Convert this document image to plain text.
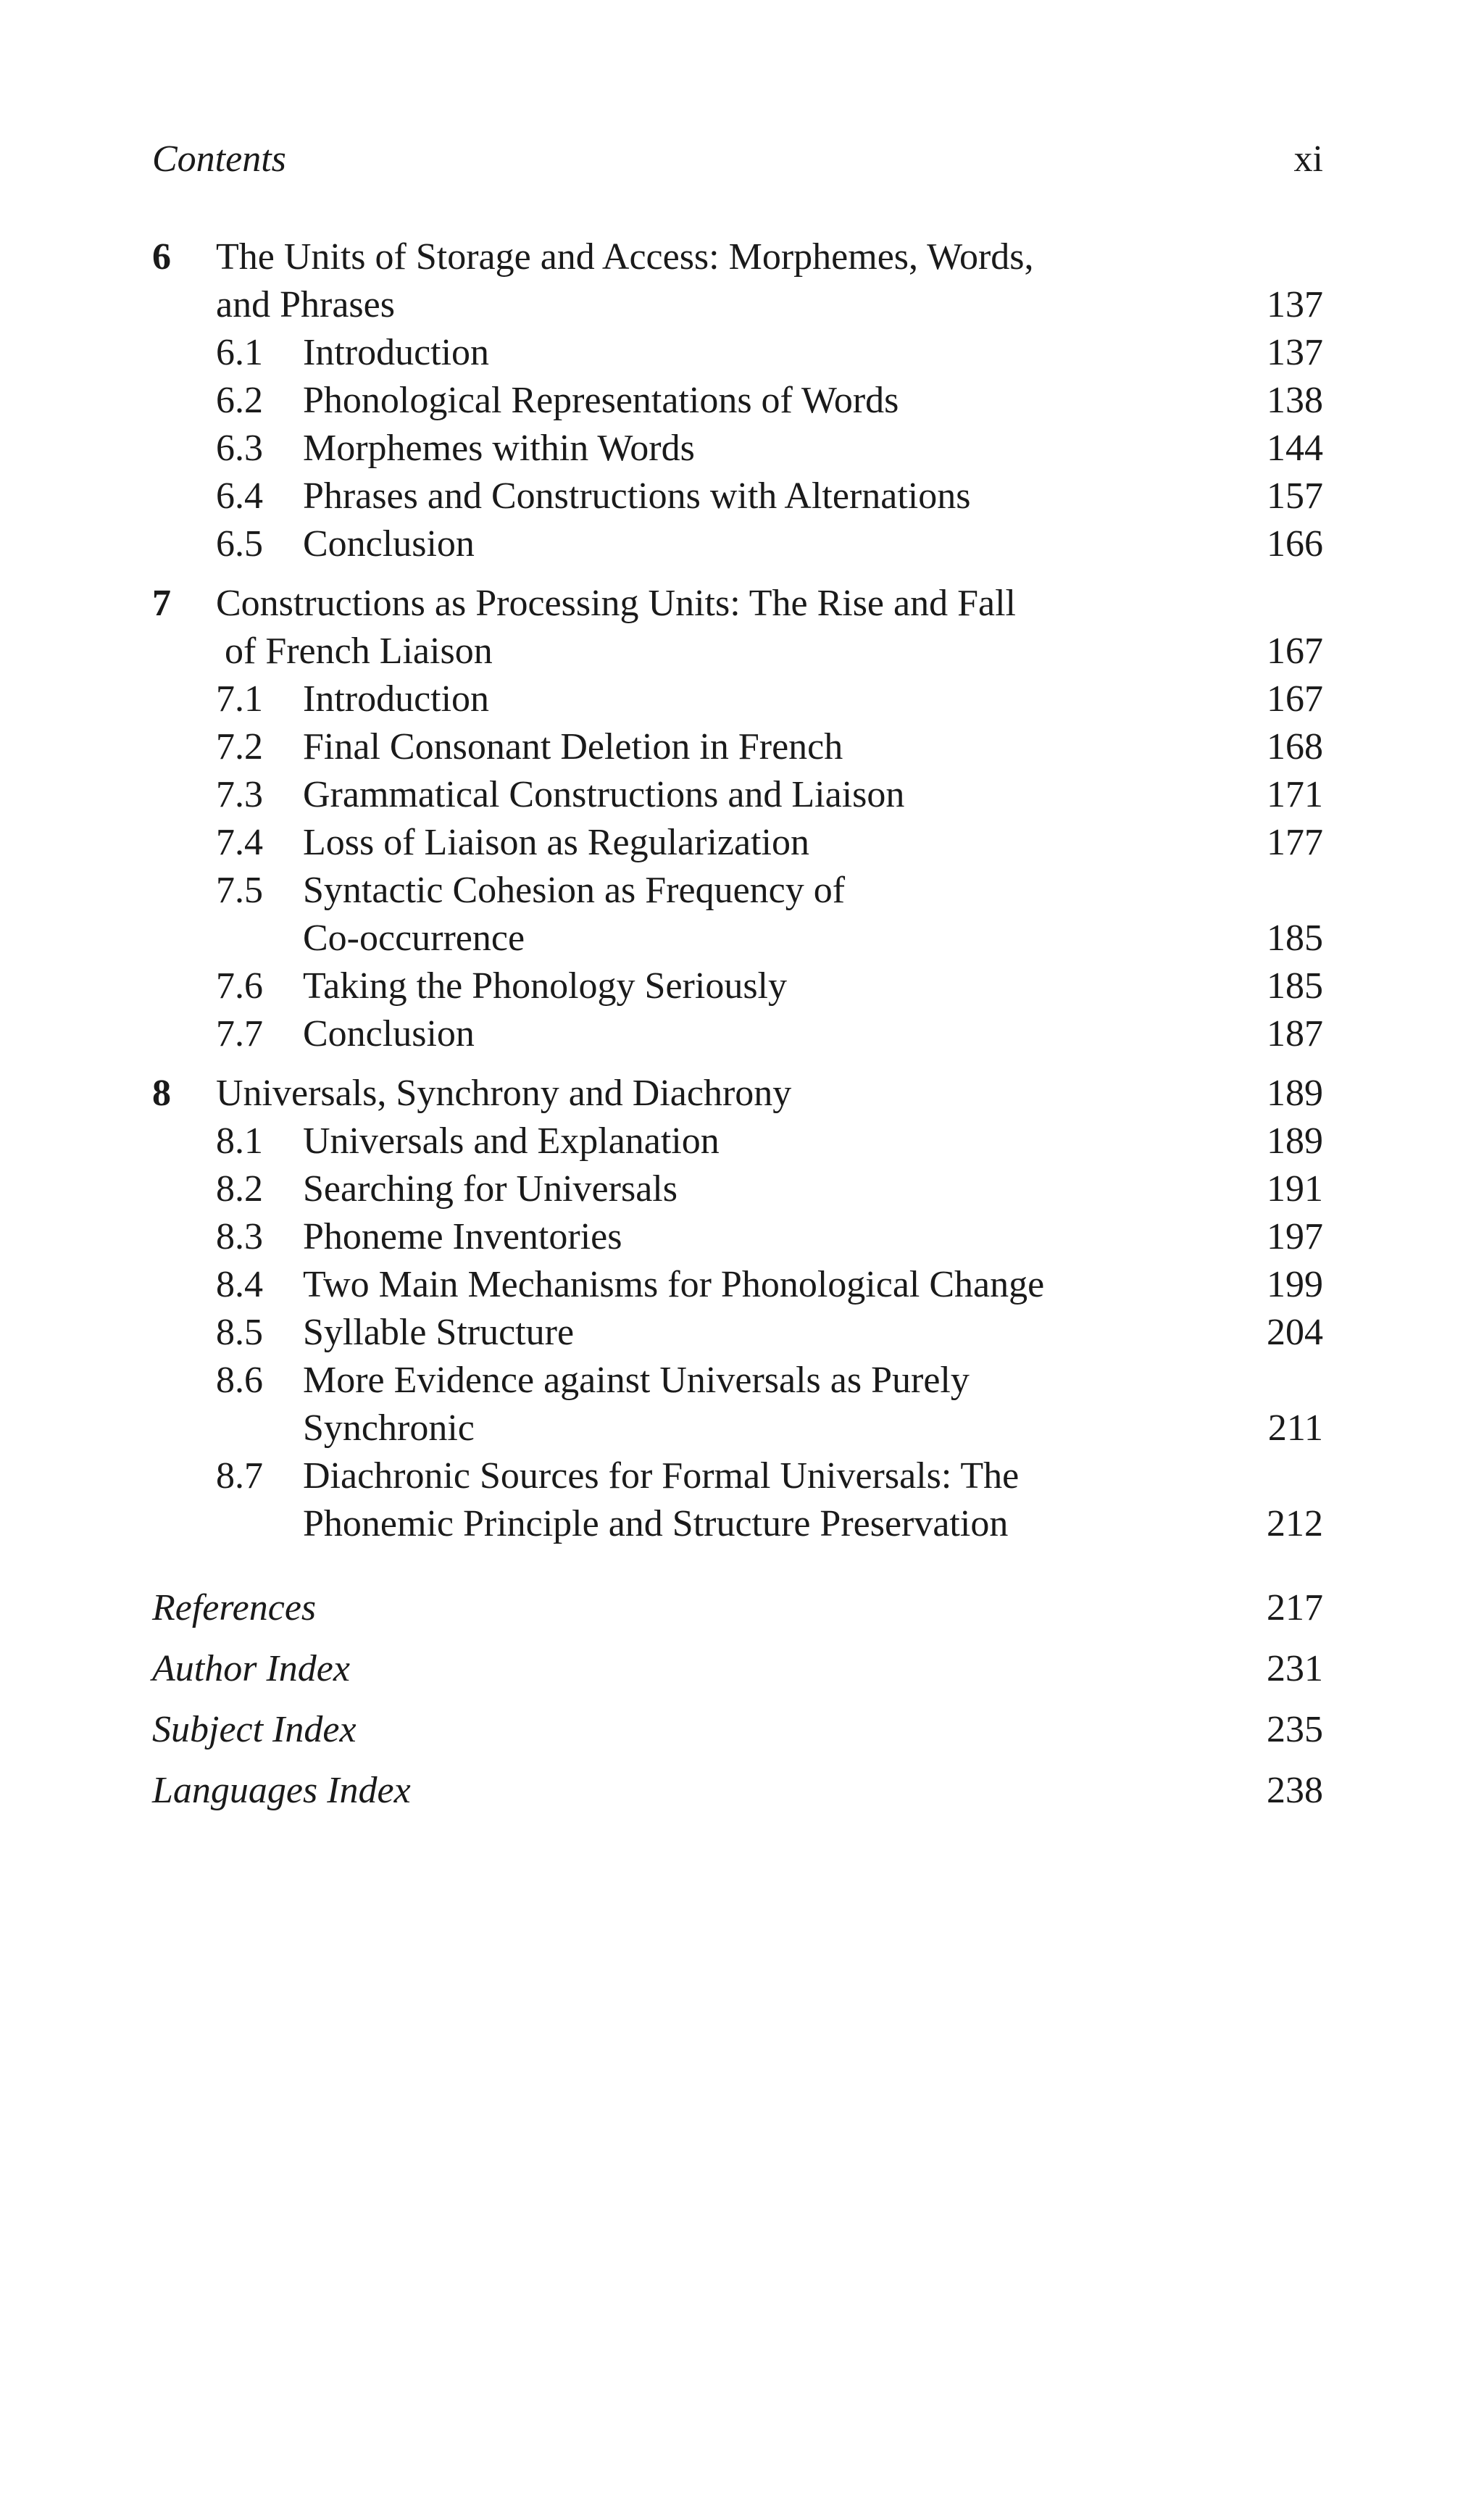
Contents	xi
6 The Units of Storage and Access: Morphemes, Words,
and Phrases	137
6.1 Introduction	137
6.2 Phonological Representations of Words	138
6.3 Morphemes within Words	144
6.4 Phrases and Constructions with Alternations	157
6.5 Conclusion	166
7 Constructions as Processing Units: The Rise and Fall
of French Liaison	167
7.1 Introduction	167
7.2 Final Consonant Deletion in French	168
7.3 Grammatical Constructions and Liaison	171
7.4 Loss of Liaison as Regularization	177
7.5 Syntactic Cohesion as Frequency of
Co-occurrence	185
7.6 Taking the Phonology Seriously	185
7.7 Conclusion	187
8 Universals, Synchrony and Diachrony	189
8.1 Universals and Explanation	189
8.2 Searching for Universals	191
8.3 Phoneme Inventories	197
8.4 Two Main Mechanisms for Phonological Change	199
8.5 Syllable Structure	204
8.6 More Evidence against Universals as Purely
Synchronic	211
8.7 Diachronic Sources for Formal Universals: The
Phonemic Principle and Structure Preservation	212
References	217
Author Index	231
Subject Index	235
Languages Index	238
